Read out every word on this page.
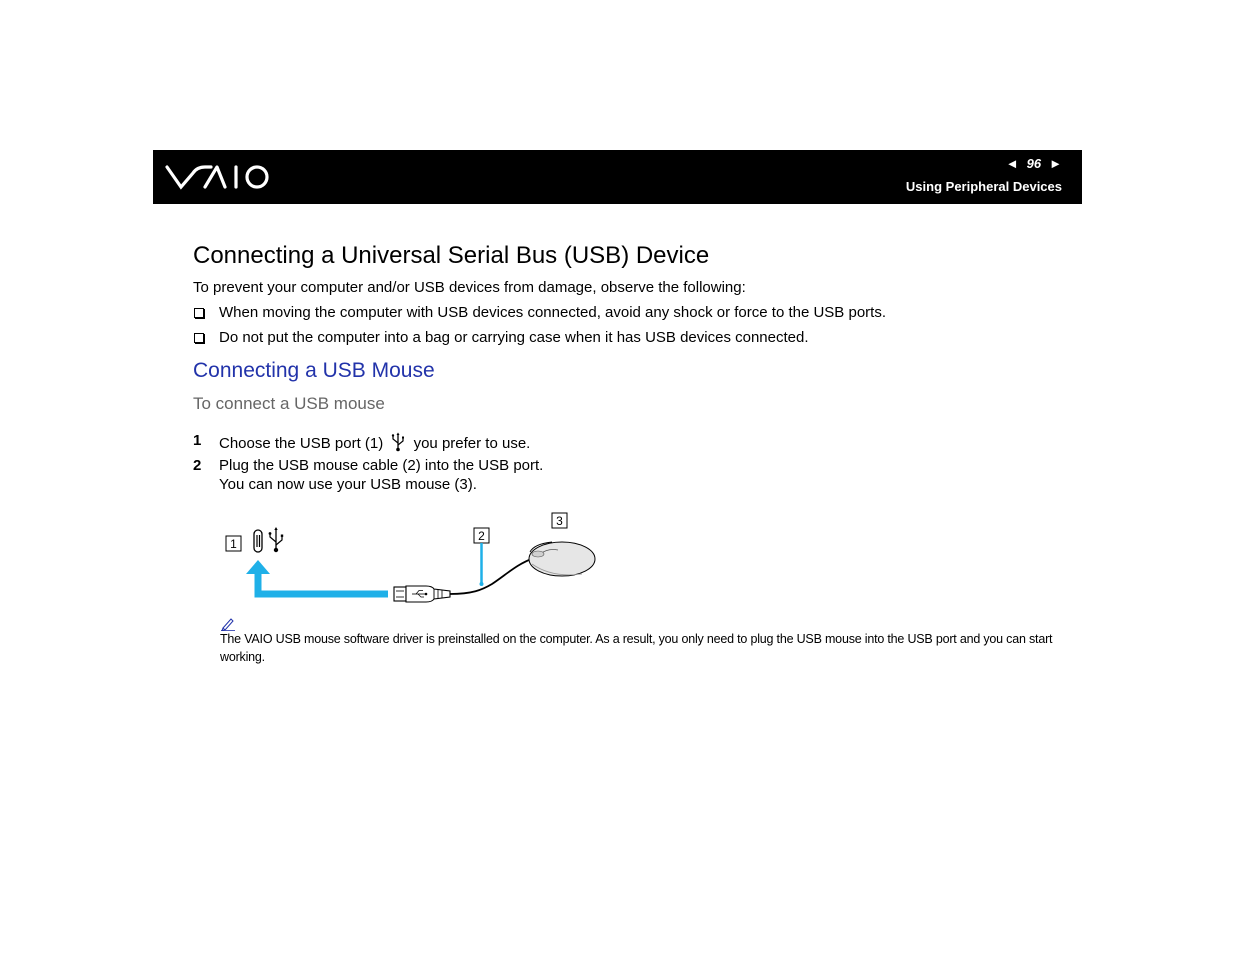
◄ 96 ►
Using Peripheral Devices
Connecting a Universal Serial Bus (USB) Device
To prevent your computer and/or USB devices from damage, observe the following:
When moving the computer with USB devices connected, avoid any shock or force to the USB ports.
Do not put the computer into a bag or carrying case when it has USB devices connected.
Connecting a USB Mouse
To connect a USB mouse
1 Choose the USB port (1) you prefer to use.
2 Plug the USB mouse cable (2) into the USB port.
You can now use your USB mouse (3).
1
2
3
The VAIO USB mouse software driver is preinstalled on the computer. As a result, you only need to plug the USB mouse into the USB port and you can start working.
